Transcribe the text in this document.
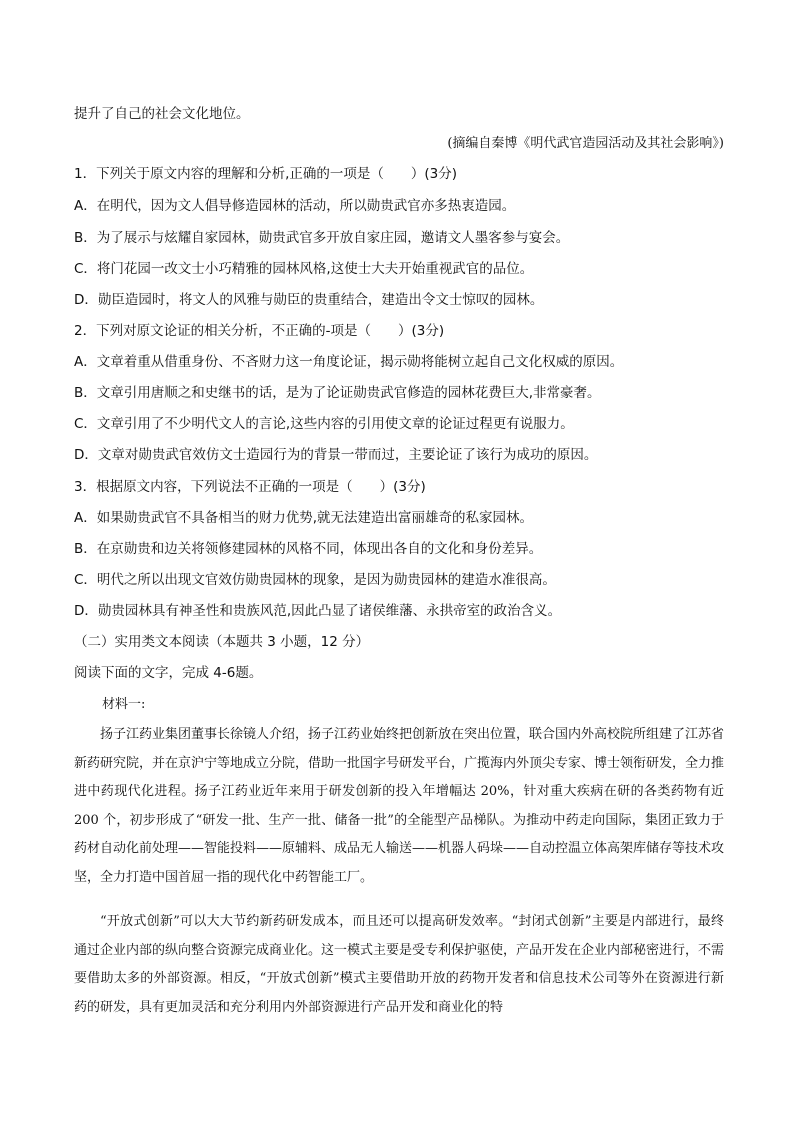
提升了自己的社会文化地位。
(摘编自秦博《明代武官造园活动及其社会影响》)
1．下列关于原文内容的理解和分析,正确的一项是（　　）(3分)
A．在明代，因为文人倡导修造园林的活动，所以勋贵武官亦多热衷造园。
B．为了展示与炫耀自家园林，勋贵武官多开放自家庄园，邀请文人墨客参与宴会。
C．将门花园一改文士小巧精雅的园林风格,这使士大夫开始重视武官的品位。
D．勋臣造园时，将文人的风雅与勋臣的贵重结合，建造出令文士惊叹的园林。
2．下列对原文论证的相关分析，不正确的-项是（　　）(3分)
A．文章着重从借重身份、不吝财力这一角度论证，揭示勋将能树立起自己文化权威的原因。
B．文章引用唐顺之和史继书的话，是为了论证勋贵武官修造的园林花费巨大,非常豪奢。
C．文章引用了不少明代文人的言论,这些内容的引用使文章的论证过程更有说服力。
D．文章对勋贵武官效仿文士造园行为的背景一带而过，主要论证了该行为成功的原因。
3．根据原文内容，下列说法不正确的一项是（　　）(3分)
A．如果勋贵武官不具备相当的财力优势,就无法建造出富丽雄奇的私家园林。
B．在京勋贵和边关将领修建园林的风格不同，体现出各自的文化和身份差异。
C．明代之所以出现文官效仿勋贵园林的现象，是因为勋贵园林的建造水准很高。
D．勋贵园林具有神圣性和贵族风范,因此凸显了诸侯维藩、永拱帝室的政治含义。
（二）实用类文本阅读（本题共 3 小题，12 分）
阅读下面的文字，完成 4-6题。
材料一:

扬子江药业集团董事长徐镜人介绍，扬子江药业始终把创新放在突出位置，联合国内外高校院所组建了江苏省新药研究院，并在京沪宁等地成立分院，借助一批国字号研发平台，广揽海内外顶尖专家、博士领衔研发，全力推进中药现代化进程。扬子江药业近年来用于研发创新的投入年增幅达 20%，针对重大疾病在研的各类药物有近 200 个，初步形成了“研发一批、生产一批、储备一批”的全能型产品梯队。为推动中药走向国际，集团正致力于药材自动化前处理——智能投料——原辅料、成品无人输送——机器人码垛——自动控温立体高架库储存等技术攻坚，全力打造中国首屈一指的现代化中药智能工厂。

“开放式创新”可以大大节约新药研发成本，而且还可以提高研发效率。“封闭式创新”主要是内部进行，最终通过企业内部的纵向整合资源完成商业化。这一模式主要是受专利保护驱使，产品开发在企业内部秘密进行，不需要借助太多的外部资源。相反，“开放式创新”模式主要借助开放的药物开发者和信息技术公司等外在资源进行新药的研发，具有更加灵活和充分利用内外部资源进行产品开发和商业化的特
